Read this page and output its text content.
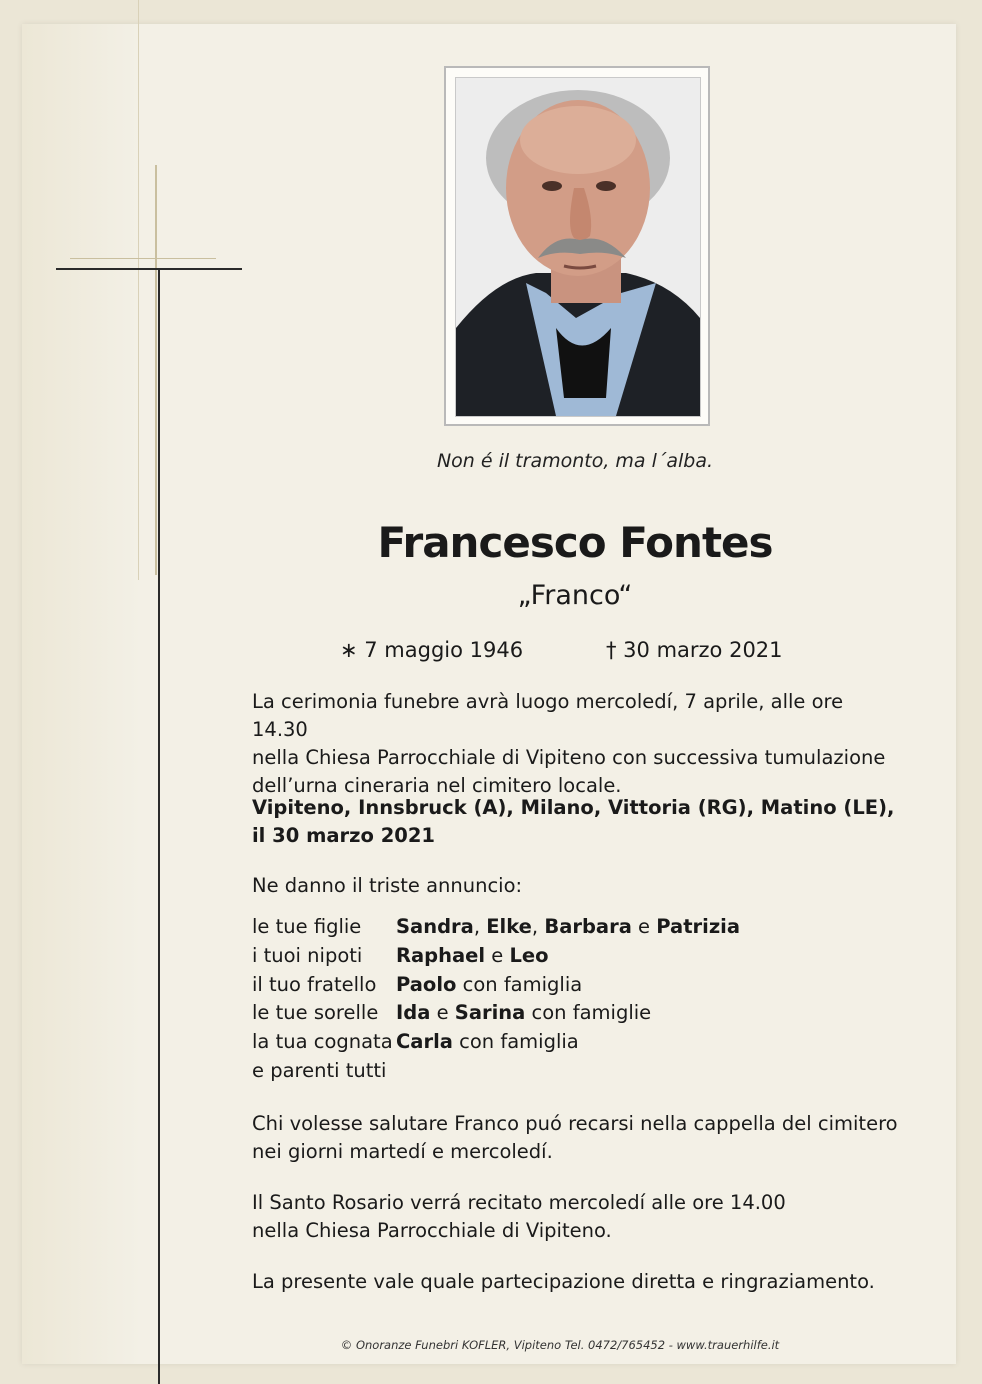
Non é il tramonto, ma l´alba.
Francesco Fontes
„Franco“
∗ 7 maggio 1946	† 30 marzo 2021
La cerimonia funebre avrà luogo mercoledí, 7 aprile, alle ore 14.30
nella Chiesa Parrocchiale di Vipiteno con successiva tumulazione
dell’urna cineraria nel cimitero locale.
Vipiteno, Innsbruck (A), Milano, Vittoria (RG), Matino (LE),
il 30 marzo 2021
Ne danno il triste annuncio:
le tue figlie	Sandra, Elke, Barbara e Patrizia
i tuoi nipoti	Raphael e Leo
il tuo fratello	Paolo con famiglia
le tue sorelle Ida e Sarina con famiglie
la tua cognata Carla con famiglia
e parenti tutti
Chi volesse salutare Franco puó recarsi nella cappella del cimitero
nei giorni martedí e mercoledí.
Il Santo Rosario verrá recitato mercoledí alle ore 14.00
nella Chiesa Parrocchiale di Vipiteno.
La presente vale quale partecipazione diretta e ringraziamento.
© Onoranze Funebri KOFLER, Vipiteno Tel. 0472/765452 - www.trauerhilfe.it
